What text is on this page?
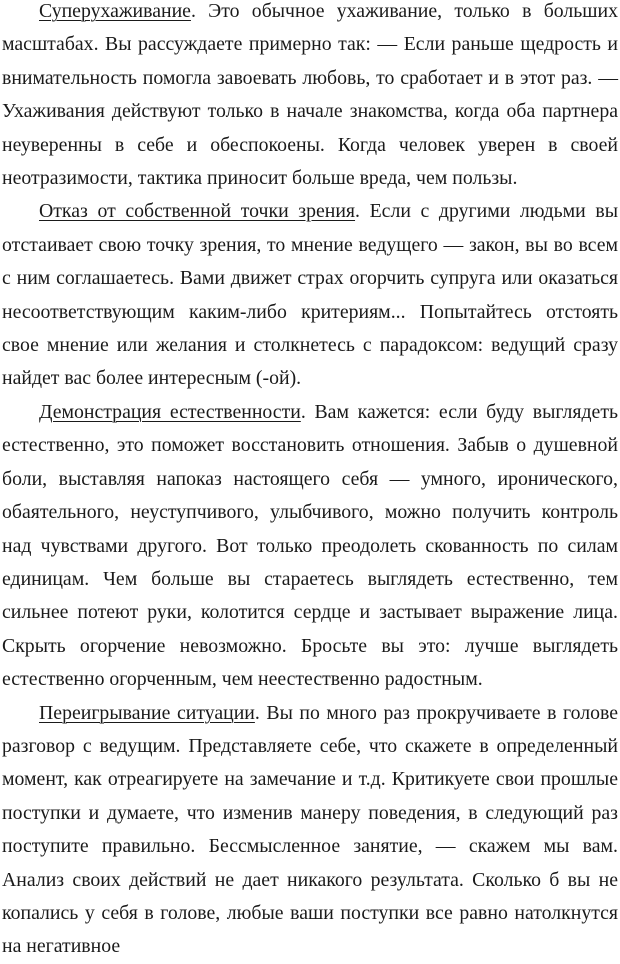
Суперухаживание. Это обычное ухаживание, только в больших масштабах. Вы рассуждаете примерно так: — Если раньше щедрость и внимательность помогла завоевать любовь, то сработает и в этот раз. — Ухаживания действуют только в начале знакомства, когда оба партнера неуверенны в себе и обеспокоены. Когда человек уверен в своей неотразимости, тактика приносит больше вреда, чем пользы.

Отказ от собственной точки зрения. Если с другими людьми вы отстаивает свою точку зрения, то мнение ведущего — закон, вы во всем с ним соглашаетесь. Вами движет страх огорчить супруга или оказаться несоответствующим каким-либо критериям... Попытайтесь отстоять свое мнение или желания и столкнетесь с парадоксом: ведущий сразу найдет вас более интересным (-ой).

Демонстрация естественности. Вам кажется: если буду выглядеть естественно, это поможет восстановить отношения. Забыв о душевной боли, выставляя напоказ настоящего себя — умного, иронического, обаятельного, неуступчивого, улыбчивого, можно получить контроль над чувствами другого. Вот только преодолеть скованность по силам единицам. Чем больше вы стараетесь выглядеть естественно, тем сильнее потеют руки, колотится сердце и застывает выражение лица. Скрыть огорчение невозможно. Бросьте вы это: лучше выглядеть естественно огорченным, чем неестественно радостным.

Переигрывание ситуации. Вы по много раз прокручиваете в голове разговор с ведущим. Представляете себе, что скажете в определенный момент, как отреагируете на замечание и т.д. Критикуете свои прошлые поступки и думаете, что изменив манеру поведения, в следующий раз поступите правильно. Бессмысленное занятие, — скажем мы вам. Анализ своих действий не дает никакого результата. Сколько б вы не копались у себя в голове, любые ваши поступки все равно натолкнутся на негативное
